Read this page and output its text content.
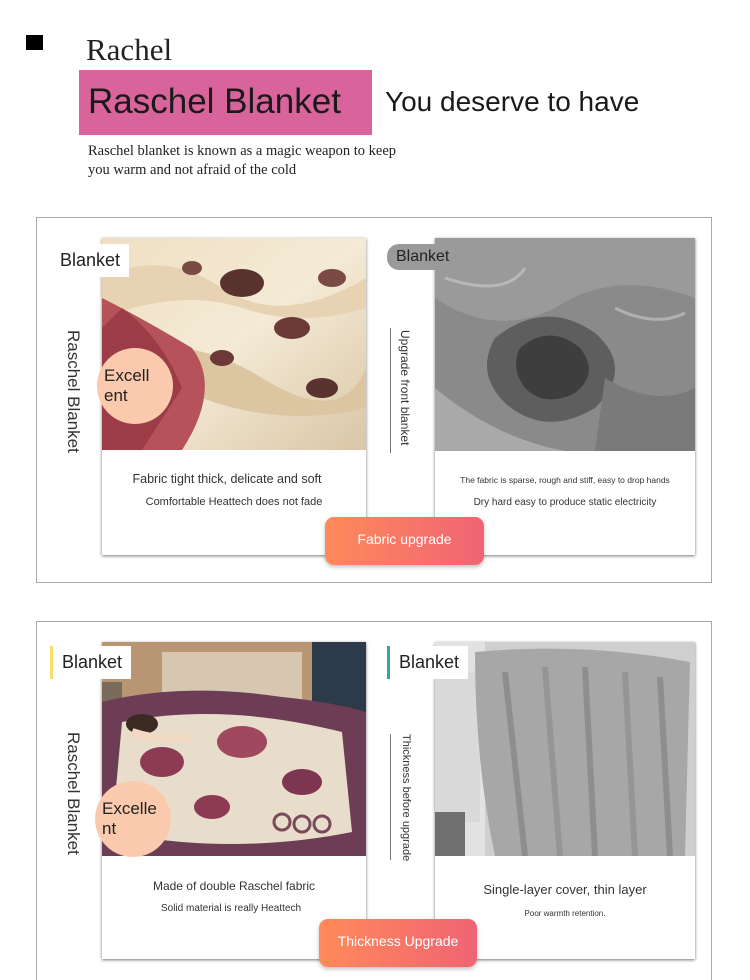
Rachel
Raschel Blanket You deserve to have
Raschel blanket is known as a magic weapon to keep you warm and not afraid of the cold
Fabric tight thick, delicate and soft
Comfortable Heattech does not fade
Blanket
Raschel Blanket Excell ent
The fabric is sparse, rough and stiff, easy to drop hands
Dry hard easy to produce static electricity
Blanket
Upgrade front blanket
Fabric upgrade
Made of double Raschel fabric
Solid material is really Heattech
Blanket
Raschel Blanket Excelle nt
Single-layer cover, thin layer
Poor warmth retention.
Blanket
Thickness before upgrade
Thickness Upgrade
